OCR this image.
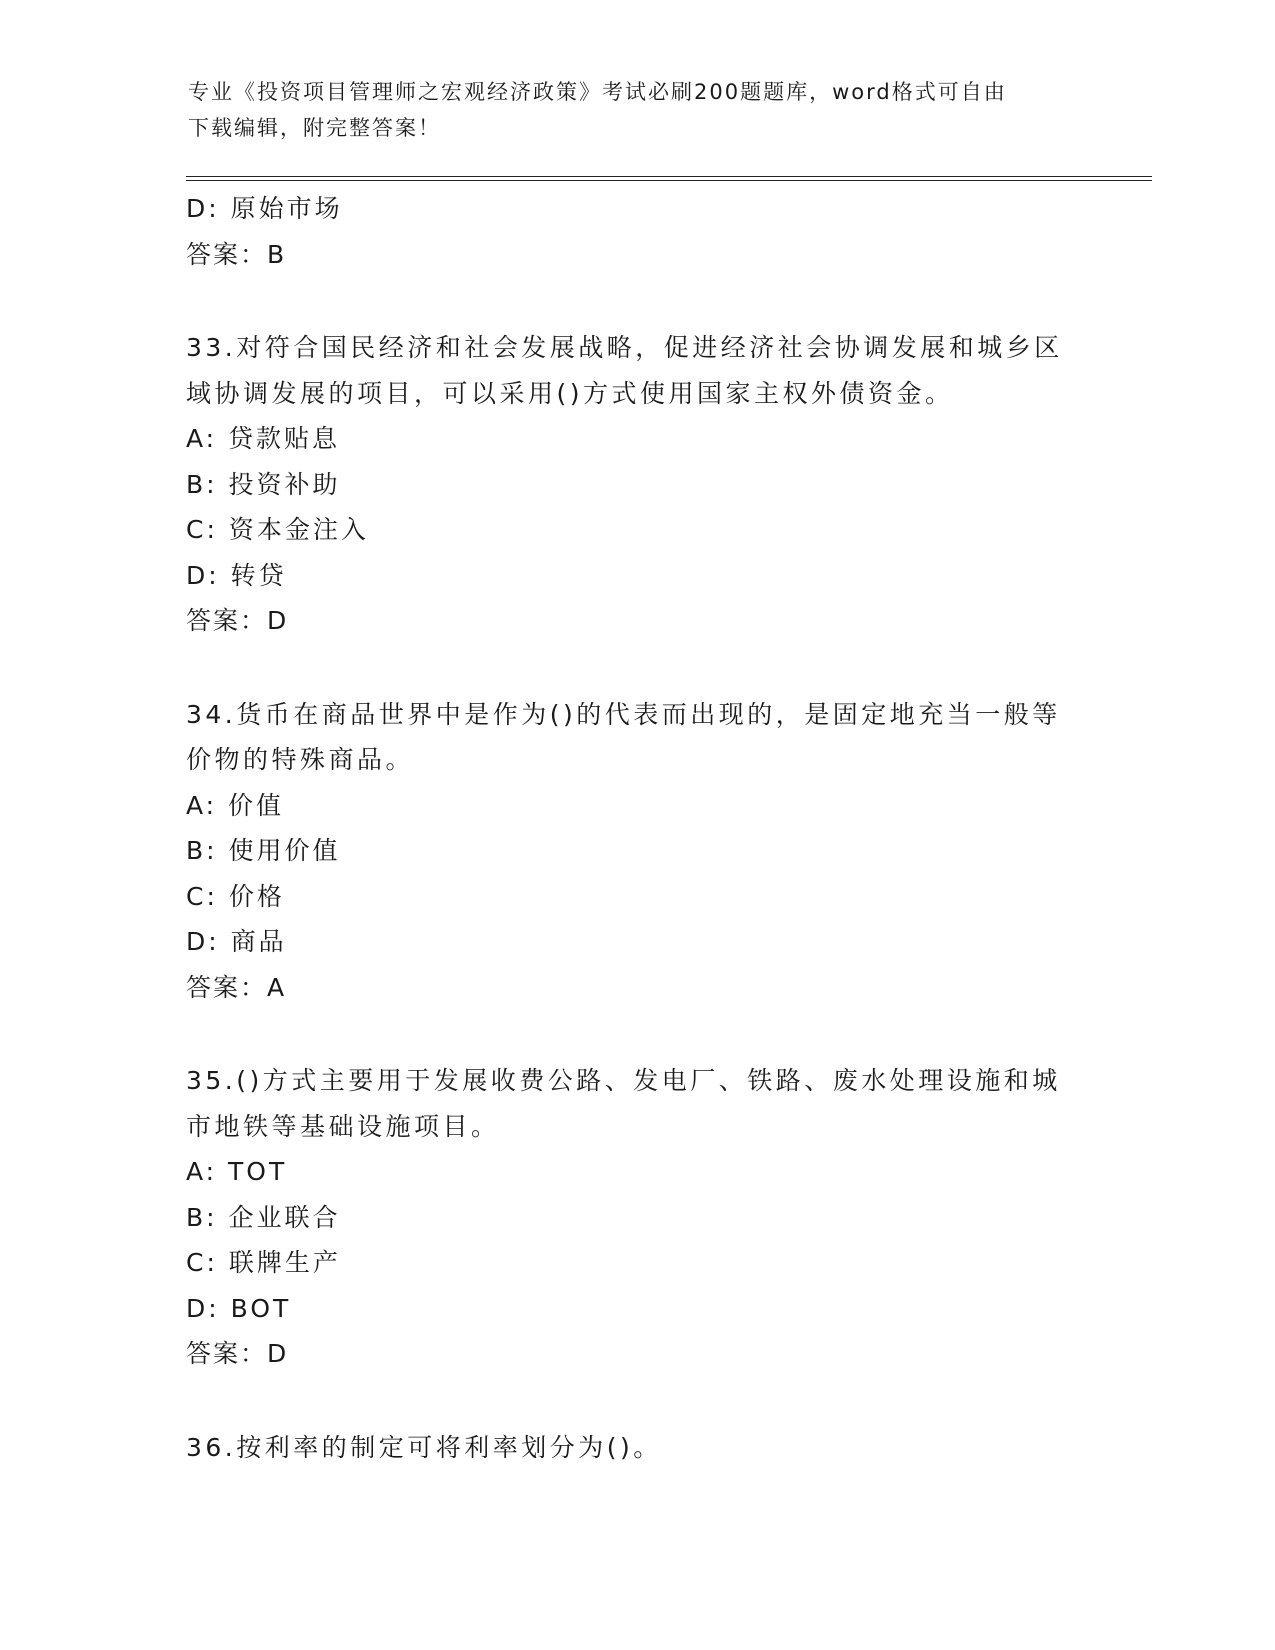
专业《投资项目管理师之宏观经济政策》考试必刷200题题库，word格式可自由
下载编辑，附完整答案！
D: 原始市场
答案：B
33.对符合国民经济和社会发展战略，促进经济社会协调发展和城乡区
域协调发展的项目，可以采用()方式使用国家主权外债资金。
A: 贷款贴息
B: 投资补助
C: 资本金注入
D: 转贷
答案：D
34.货币在商品世界中是作为()的代表而出现的，是固定地充当一般等
价物的特殊商品。
A: 价值
B: 使用价值
C: 价格
D: 商品
答案：A
35.()方式主要用于发展收费公路、发电厂、铁路、废水处理设施和城
市地铁等基础设施项目。
A: TOT
B: 企业联合
C: 联牌生产
D: BOT
答案：D
36.按利率的制定可将利率划分为()。
